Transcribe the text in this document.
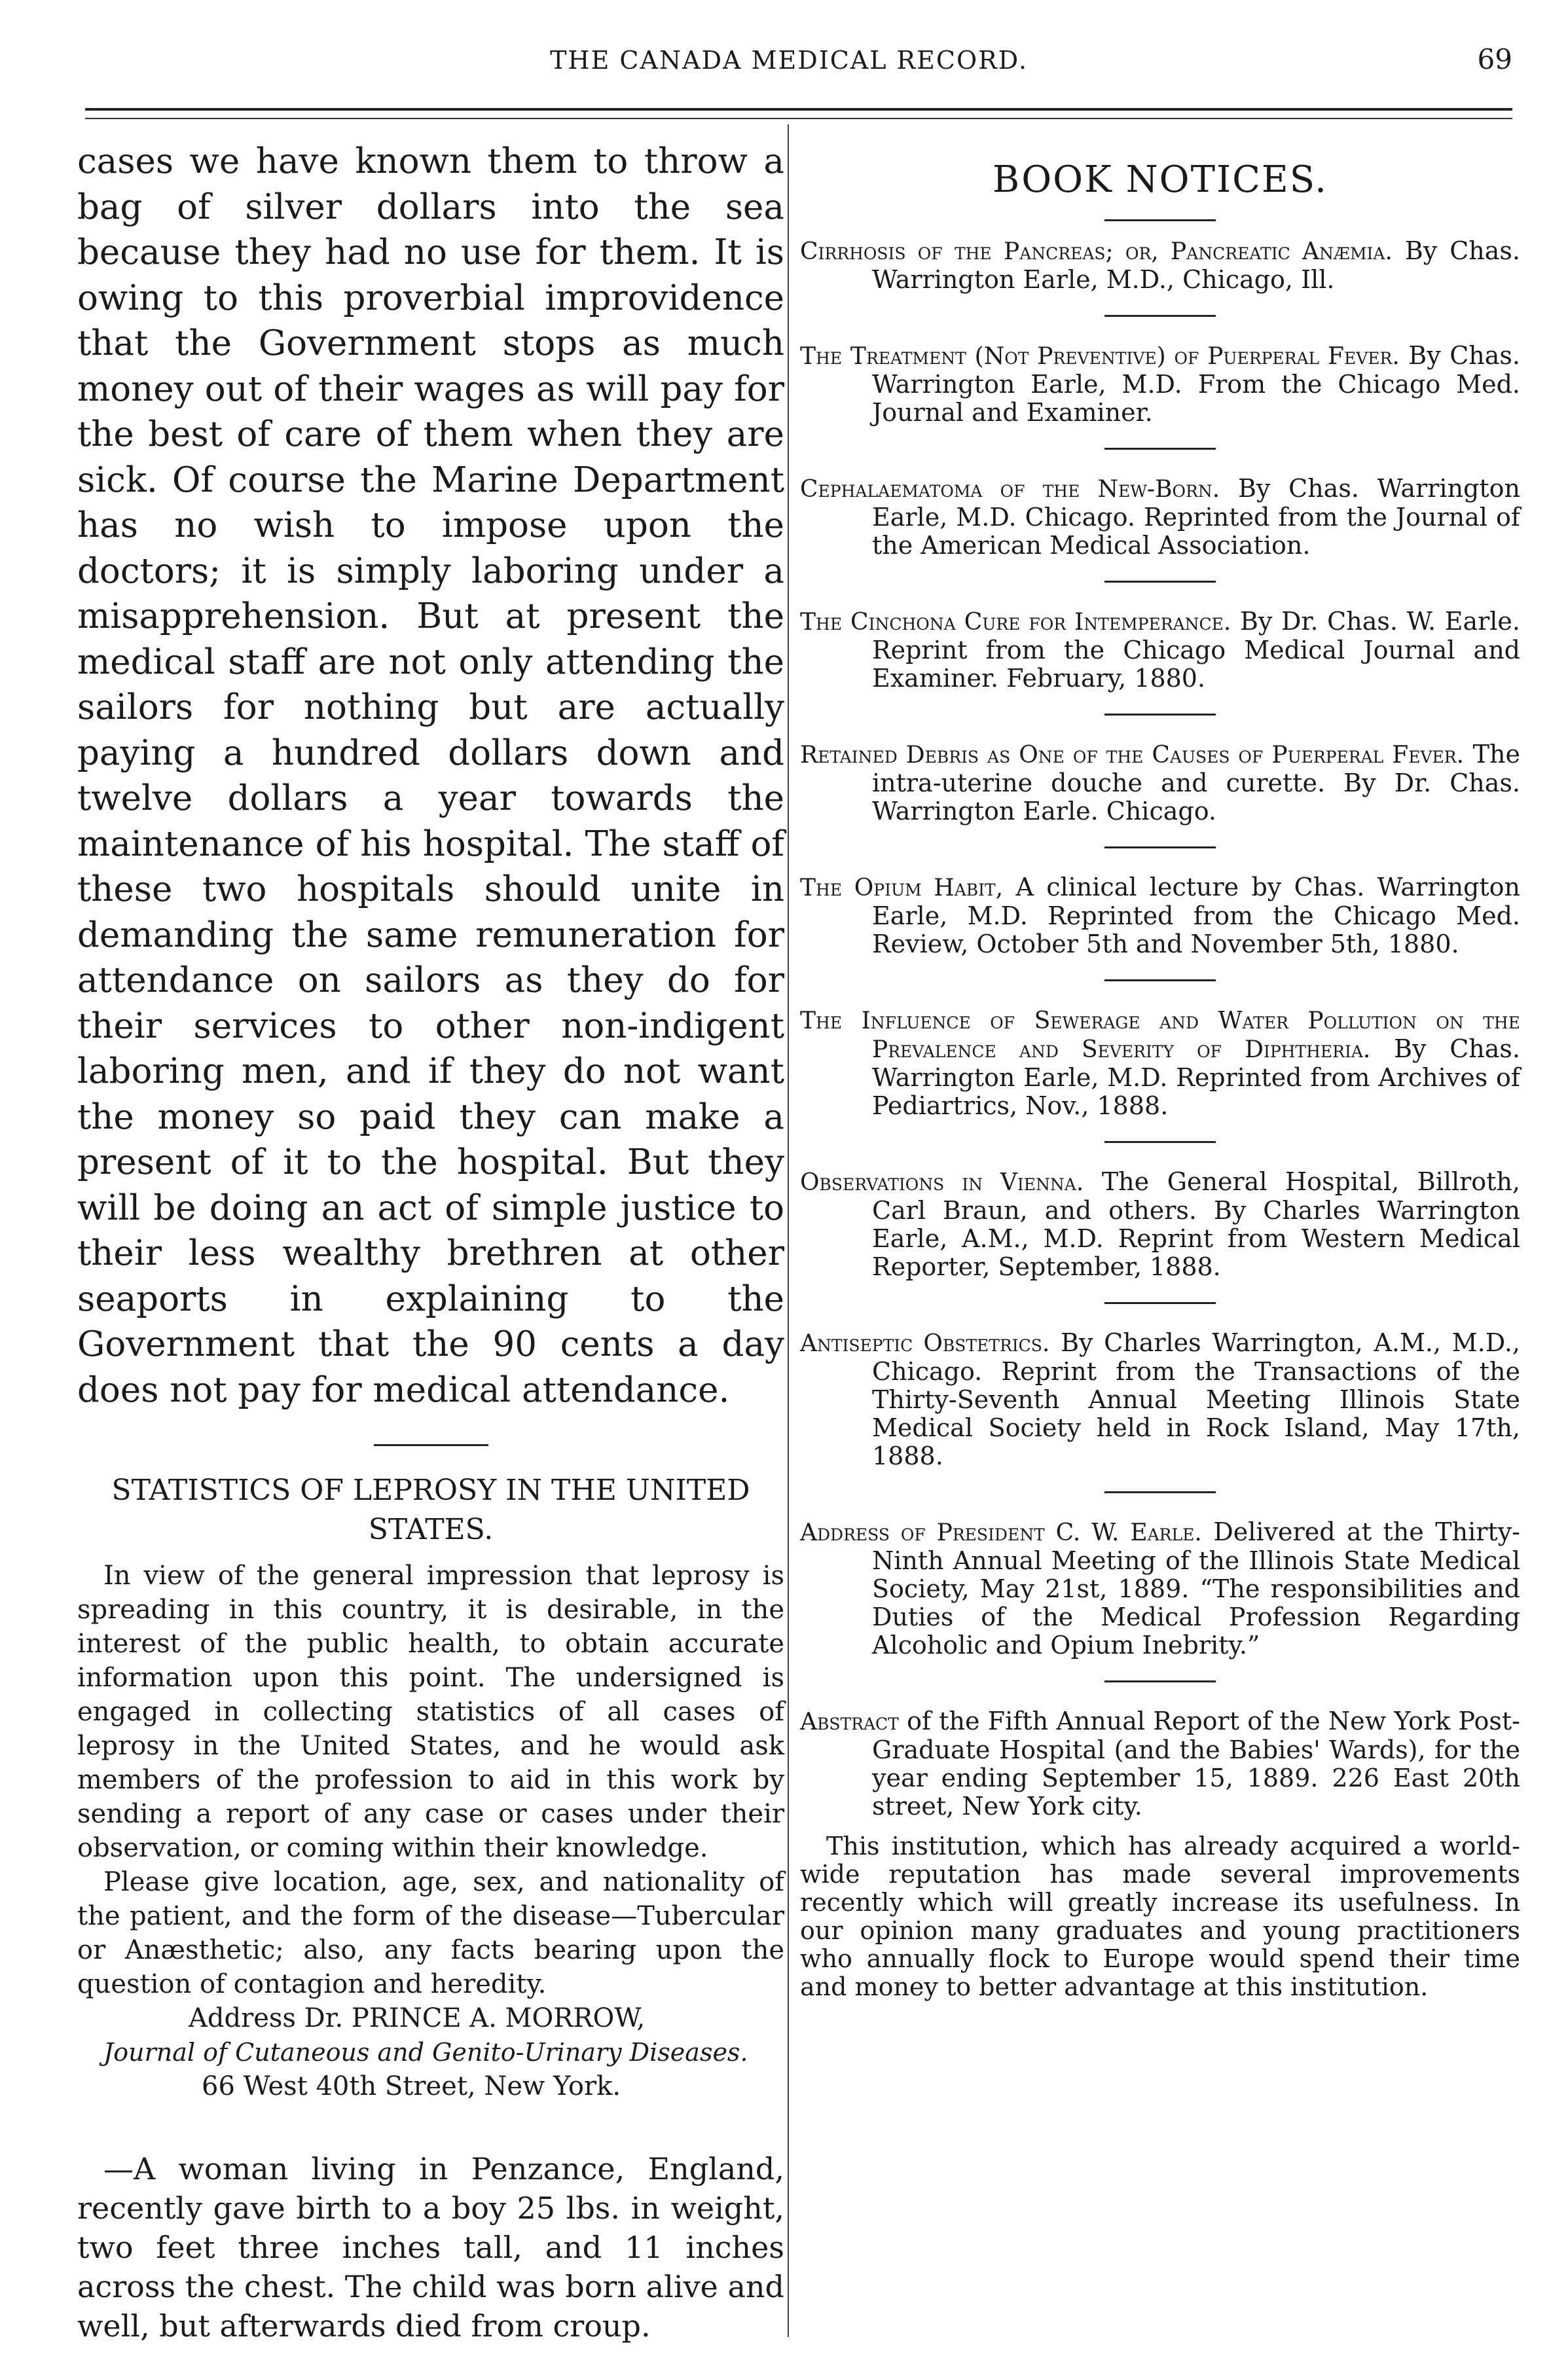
THE CANADA MEDICAL RECORD.	69

cases we have known them to throw a bag of silver dollars into the sea because they had no use for them. It is owing to this proverbial improvidence that the Government stops as much money out of their wages as will pay for the best of care of them when they are sick. Of course the Marine Department has no wish to impose upon the doctors; it is simply laboring under a misapprehension. But at present the medical staff are not only attending the sailors for nothing but are actually paying a hundred dollars down and twelve dollars a year towards the maintenance of his hospital. The staff of these two hospitals should unite in demanding the same remuneration for attendance on sailors as they do for their services to other non-indigent laboring men, and if they do not want the money so paid they can make a present of it to the hospital. But they will be doing an act of simple justice to their less wealthy brethren at other seaports in explaining to the Government that the 90 cents a day does not pay for medical attendance.

STATISTICS OF LEPROSY IN THE UNITED STATES.

In view of the general impression that leprosy is spreading in this country, it is desirable, in the interest of the public health, to obtain accurate information upon this point. The undersigned is engaged in collecting statistics of all cases of leprosy in the United States, and he would ask members of the profession to aid in this work by sending a report of any case or cases under their observation, or coming within their knowledge.

Please give location, age, sex, and nationality of the patient, and the form of the disease—Tubercular or Anæsthetic; also, any facts bearing upon the question of contagion and heredity.

Address Dr. PRINCE A. MORROW,
Journal of Cutaneous and Genito-Urinary Diseases.
66 West 40th Street, New York.

—A woman living in Penzance, England, recently gave birth to a boy 25 lbs. in weight, two feet three inches tall, and 11 inches across the chest. The child was born alive and well, but afterwards died from croup.

BOOK NOTICES.

Cirrhosis of the Pancreas; or, Pancreatic Anæmia. By Chas. Warrington Earle, M.D., Chicago, Ill.

The Treatment (Not Preventive) of Puerperal Fever. By Chas. Warrington Earle, M.D. From the Chicago Med. Journal and Examiner.

Cephalaematoma of the New-Born. By Chas. Warrington Earle, M.D. Chicago. Reprinted from the Journal of the American Medical Association.

The Cinchona Cure for Intemperance. By Dr. Chas. W. Earle. Reprint from the Chicago Medical Journal and Examiner. February, 1880.

Retained Debris as One of the Causes of Puerperal Fever. The intra-uterine douche and curette. By Dr. Chas. Warrington Earle. Chicago.

The Opium Habit, A clinical lecture by Chas. Warrington Earle, M.D. Reprinted from the Chicago Med. Review, October 5th and November 5th, 1880.

The Influence of Sewerage and Water Pollution on the Prevalence and Severity of Diphtheria. By Chas. Warrington Earle, M.D. Reprinted from Archives of Pediartrics, Nov., 1888.

Observations in Vienna. The General Hospital, Billroth, Carl Braun, and others. By Charles Warrington Earle, A.M., M.D. Reprint from Western Medical Reporter, September, 1888.

Antiseptic Obstetrics. By Charles Warrington, A.M., M.D., Chicago. Reprint from the Transactions of the Thirty-Seventh Annual Meeting Illinois State Medical Society held in Rock Island, May 17th, 1888.

Address of President C. W. Earle. Delivered at the Thirty-Ninth Annual Meeting of the Illinois State Medical Society, May 21st, 1889. “The responsibilities and Duties of the Medical Profession Regarding Alcoholic and Opium Inebrity.”

Abstract of the Fifth Annual Report of the New York Post-Graduate Hospital (and the Babies' Wards), for the year ending September 15, 1889. 226 East 20th street, New York city.

This institution, which has already acquired a world-wide reputation has made several improvements recently which will greatly increase its usefulness. In our opinion many graduates and young practitioners who annually flock to Europe would spend their time and money to better advantage at this institution.
